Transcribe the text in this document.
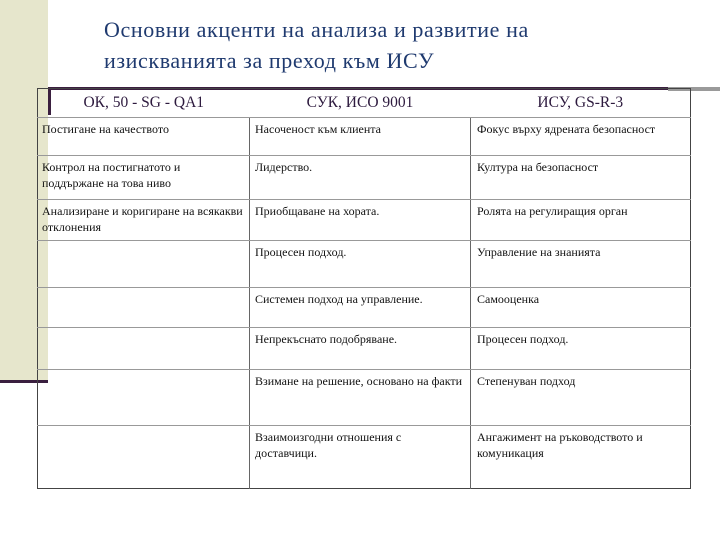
Основни акценти на анализа и развитие на изискванията за преход към ИСУ
ОК, 50 - SG - QA1	СУК, ИСО 9001	ИСУ, GS-R-3
Постигане на качеството	Насоченост към клиента	Фокус върху ядрената безопасност
Контрол на постигнатото и поддържане на това ниво	Лидерство.	Култура на безопасност
Анализиране и коригиране на всякакви отклонения	Приобщаване на хората.	Ролята на регулиращия орган
	Процесен подход.	Управление на знанията
	Системен подход на управление.	Самооценка
	Непрекъснато подобряване.	Процесен подход.
	Взимане на решение, основано на факти	Степенуван подход
	Взаимоизгодни отношения с доставчици.	Ангажимент на ръководството и комуникация
